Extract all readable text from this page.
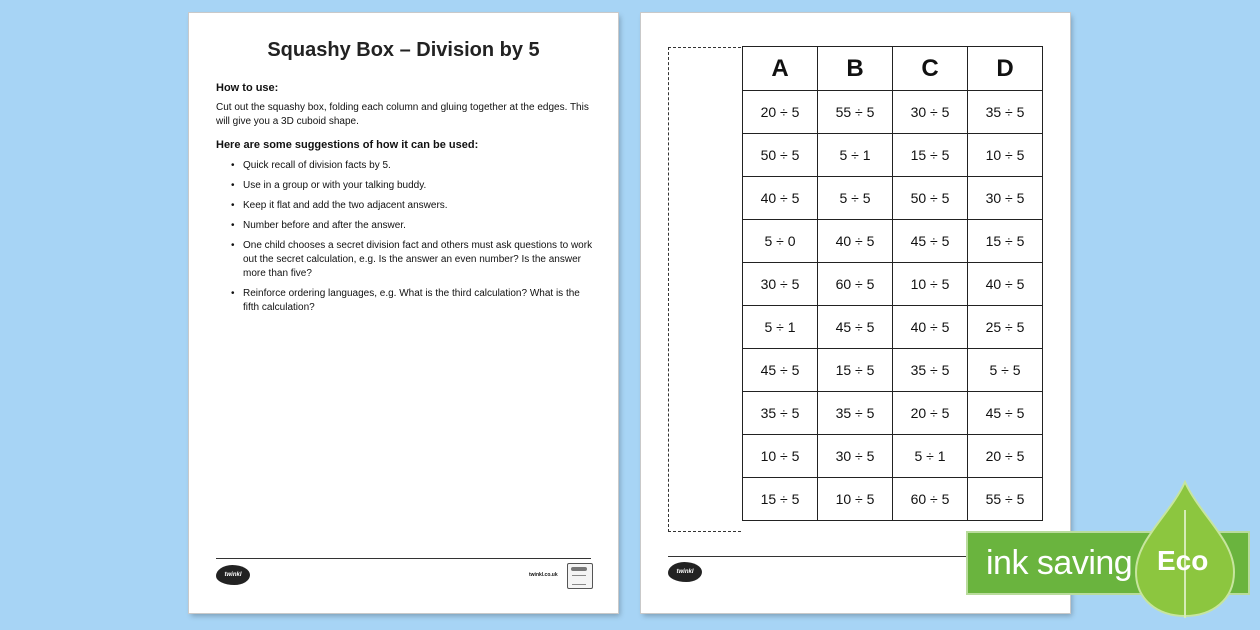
Squashy Box – Division by 5
How to use:

Cut out the squashy box, folding each column and gluing together at the edges. This will give you a 3D cuboid shape.

Here are some suggestions of how it can be used:
• Quick recall of division facts by 5.
• Use in a group or with your talking buddy.
• Keep it flat and add the two adjacent answers.
• Number before and after the answer.
• One child chooses a secret division fact and others must ask questions to work out the secret calculation, e.g. Is the answer an even number? Is the answer more than five?
• Reinforce ordering languages, e.g. What is the third calculation? What is the fifth calculation?
twinkl	twinkl.co.uk
A	B	C	D
20 ÷ 5	55 ÷ 5	30 ÷ 5	35 ÷ 5
50 ÷ 5	5 ÷ 1	15 ÷ 5	10 ÷ 5
40 ÷ 5	5 ÷ 5	50 ÷ 5	30 ÷ 5
5 ÷ 0	40 ÷ 5	45 ÷ 5	15 ÷ 5
30 ÷ 5	60 ÷ 5	10 ÷ 5	40 ÷ 5
5 ÷ 1	45 ÷ 5	40 ÷ 5	25 ÷ 5
45 ÷ 5	15 ÷ 5	35 ÷ 5	5 ÷ 5
35 ÷ 5	35 ÷ 5	20 ÷ 5	45 ÷ 5
10 ÷ 5	30 ÷ 5	5 ÷ 1	20 ÷ 5
15 ÷ 5	10 ÷ 5	60 ÷ 5	55 ÷ 5
twinkl	ink saving Eco
